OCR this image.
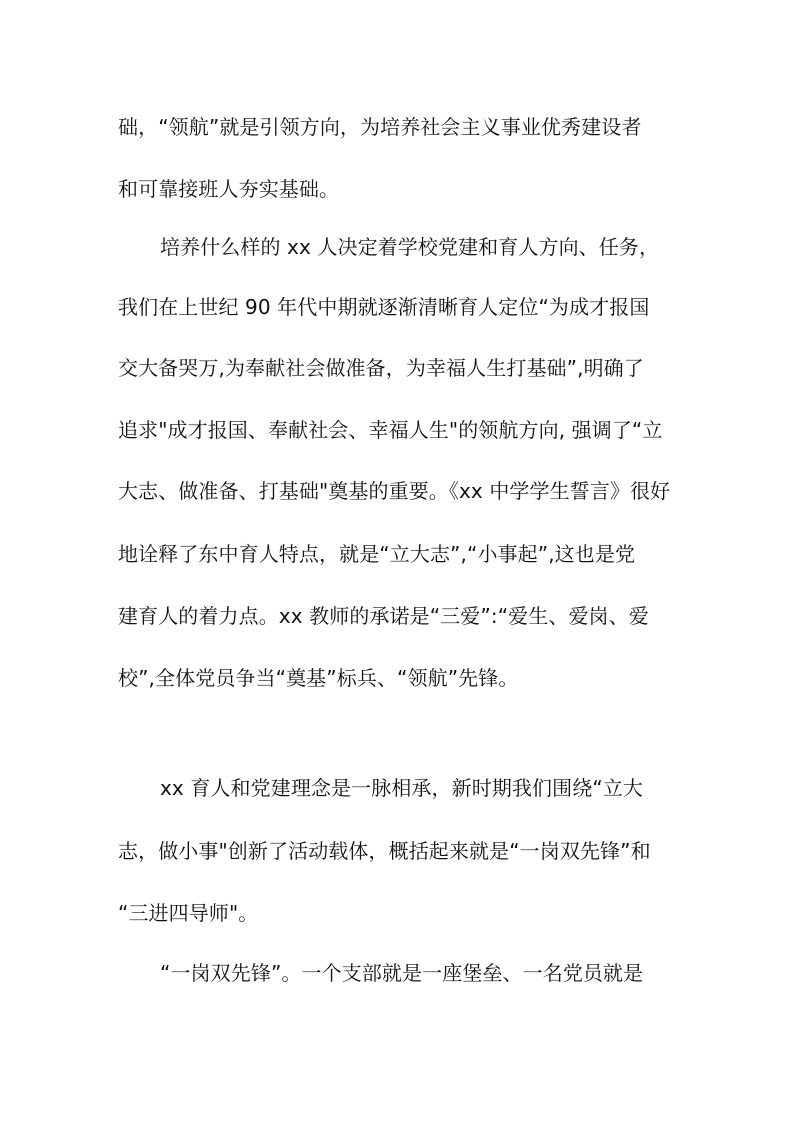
础，“领航”就是引领方向，为培养社会主义事业优秀建设者
和可靠接班人夯实基础。
培养什么样的 xx 人决定着学校党建和育人方向、任务，
我们在上世纪 90 年代中期就逐渐清晰育人定位“为成才报国
交大备哭万,为奉献社会做准备，为幸福人生打基础”,明确了
追求"成才报国、奉献社会、幸福人生"的领航方向, 强调了“立
大志、做准备、打基础"奠基的重要。《xx 中学学生誓言》很好
地诠释了东中育人特点，就是“立大志”,“小事起”,这也是党
建育人的着力点。xx 教师的承诺是“三爱”:“爱生、爱岗、爱
校”,全体党员争当“奠基”标兵、“领航”先锋。
xx 育人和党建理念是一脉相承，新时期我们围绕“立大
志，做小事"创新了活动载体，概括起来就是“一岗双先锋”和
“三进四导师"。
“一岗双先锋”。一个支部就是一座堡垒、一名党员就是
